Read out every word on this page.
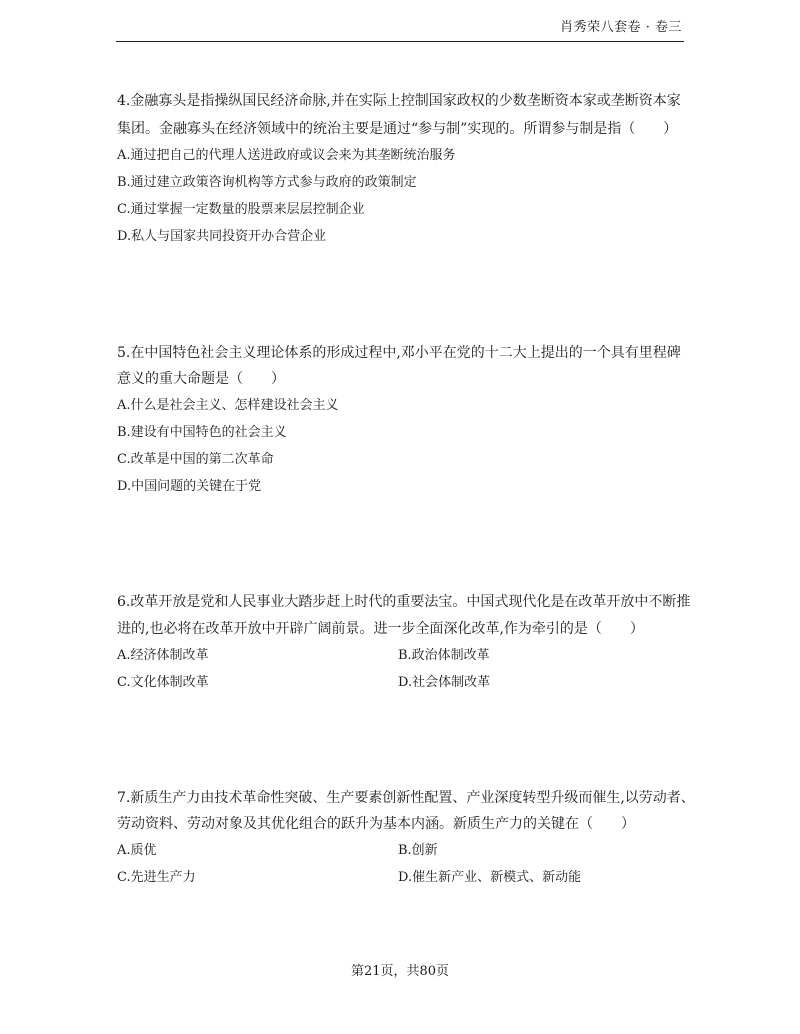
肖秀荣八套卷 · 卷三
4.金融寡头是指操纵国民经济命脉,并在实际上控制国家政权的少数垄断资本家或垄断资本家
集团。金融寡头在经济领域中的统治主要是通过“参与制”实现的。所谓参与制是指（　　）
A.通过把自己的代理人送进政府或议会来为其垄断统治服务
B.通过建立政策咨询机构等方式参与政府的政策制定
C.通过掌握一定数量的股票来层层控制企业
D.私人与国家共同投资开办合营企业
5.在中国特色社会主义理论体系的形成过程中,邓小平在党的十二大上提出的一个具有里程碑
意义的重大命题是（　　）
A.什么是社会主义、怎样建设社会主义
B.建设有中国特色的社会主义
C.改革是中国的第二次革命
D.中国问题的关键在于党
6.改革开放是党和人民事业大踏步赶上时代的重要法宝。中国式现代化是在改革开放中不断推
进的,也必将在改革开放中开辟广阔前景。进一步全面深化改革,作为牵引的是（　　）
A.经济体制改革	B.政治体制改革
C.文化体制改革	D.社会体制改革
7.新质生产力由技术革命性突破、生产要素创新性配置、产业深度转型升级而催生,以劳动者、
劳动资料、劳动对象及其优化组合的跃升为基本内涵。新质生产力的关键在（　　）
A.质优	B.创新
C.先进生产力	D.催生新产业、新模式、新动能
第21页，共80页
